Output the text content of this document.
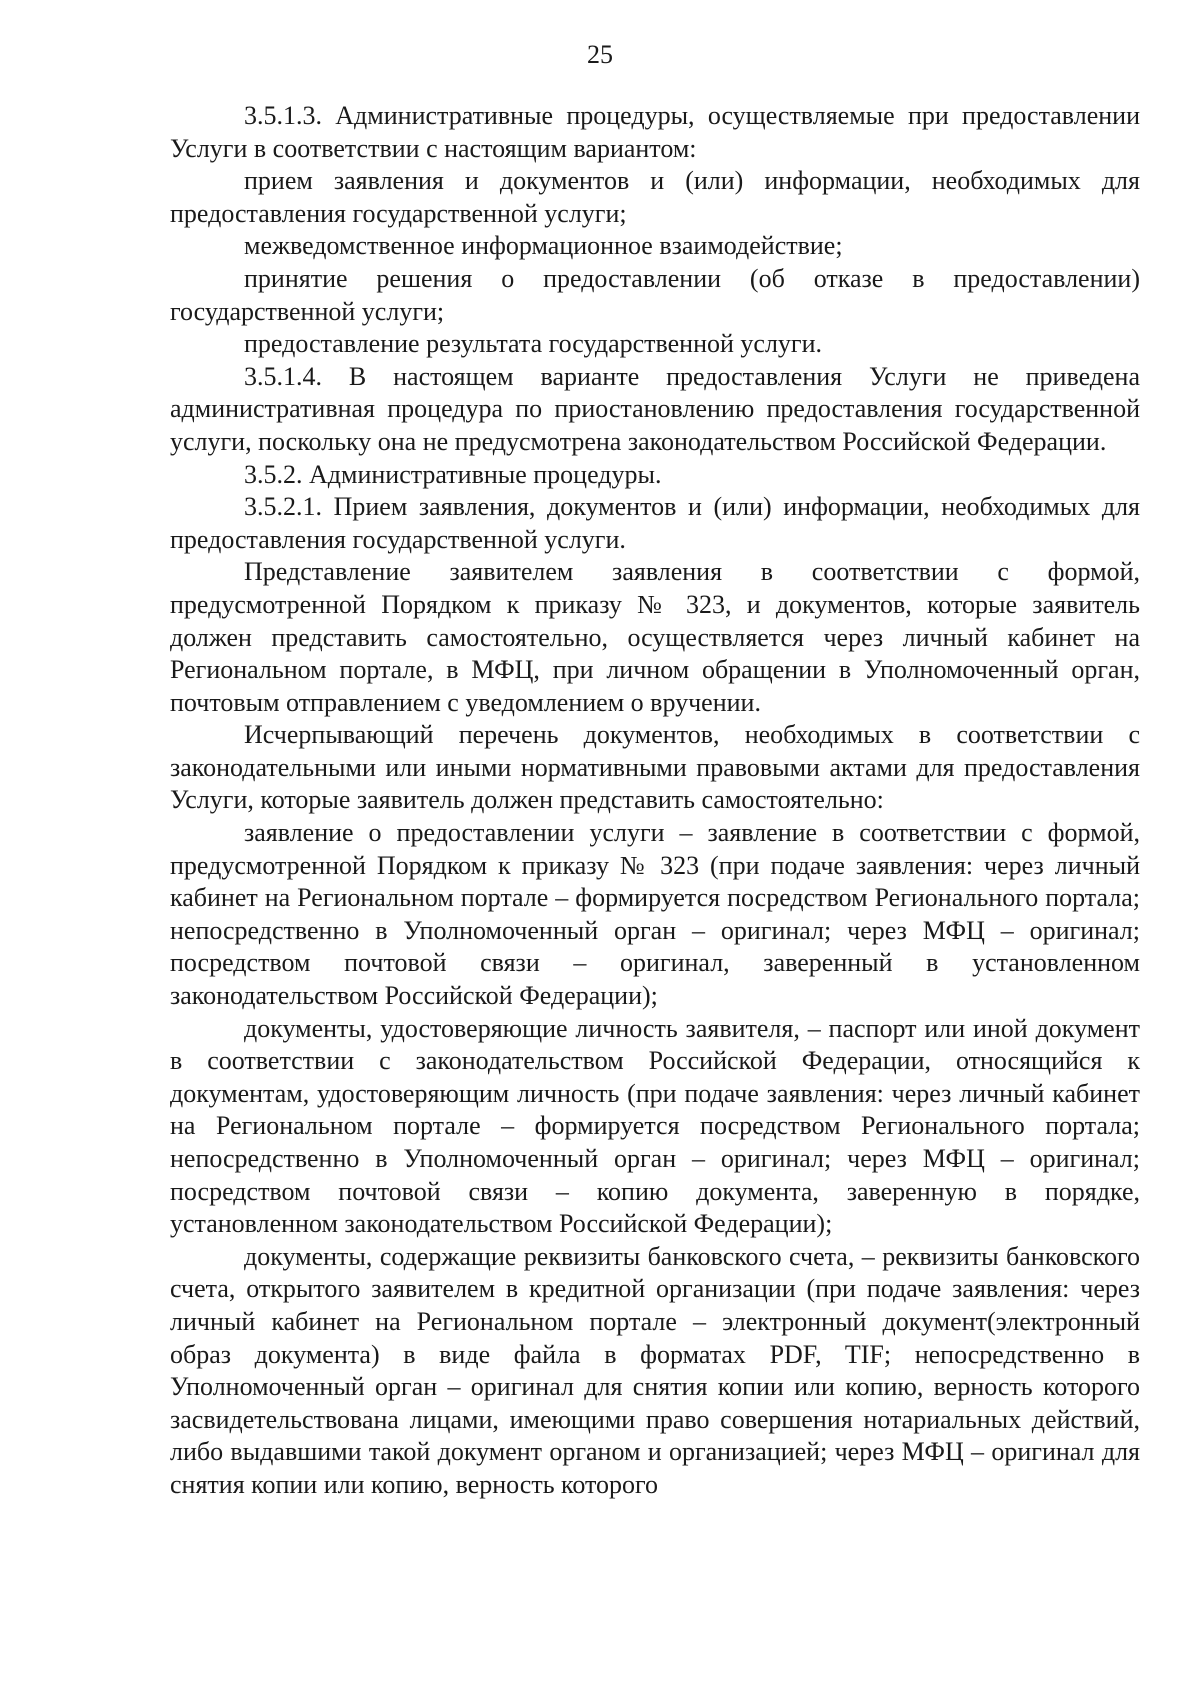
25

3.5.1.3. Административные процедуры, осуществляемые при предоставлении Услуги в соответствии с настоящим вариантом:

прием заявления и документов и (или) информации, необходимых для предоставления государственной услуги;

межведомственное информационное взаимодействие;

принятие решения о предоставлении (об отказе в предоставлении) государственной услуги;

предоставление результата государственной услуги.

3.5.1.4. В настоящем варианте предоставления Услуги не приведена административная процедура по приостановлению предоставления государственной услуги, поскольку она не предусмотрена законодательством Российской Федерации.

3.5.2. Административные процедуры.

3.5.2.1. Прием заявления, документов и (или) информации, необходимых для предоставления государственной услуги.

Представление заявителем заявления в соответствии с формой, предусмотренной Порядком к приказу № 323, и документов, которые заявитель должен представить самостоятельно, осуществляется через личный кабинет на Региональном портале, в МФЦ, при личном обращении в Уполномоченный орган, почтовым отправлением с уведомлением о вручении.

Исчерпывающий перечень документов, необходимых в соответствии с законодательными или иными нормативными правовыми актами для предоставления Услуги, которые заявитель должен представить самостоятельно:

заявление о предоставлении услуги – заявление в соответствии с формой, предусмотренной Порядком к приказу № 323 (при подаче заявления: через личный кабинет на Региональном портале – формируется посредством Регионального портала; непосредственно в Уполномоченный орган – оригинал; через МФЦ – оригинал; посредством почтовой связи – оригинал, заверенный в установленном законодательством Российской Федерации);

документы, удостоверяющие личность заявителя, – паспорт или иной документ в соответствии с законодательством Российской Федерации, относящийся к документам, удостоверяющим личность (при подаче заявления: через личный кабинет на Региональном портале – формируется посредством Регионального портала; непосредственно в Уполномоченный орган – оригинал; через МФЦ – оригинал; посредством почтовой связи – копию документа, заверенную в порядке, установленном законодательством Российской Федерации);

документы, содержащие реквизиты банковского счета, – реквизиты банковского счета, открытого заявителем в кредитной организации (при подаче заявления: через личный кабинет на Региональном портале – электронный документ(электронный образ документа) в виде файла в форматах PDF, TIF; непосредственно в Уполномоченный орган – оригинал для снятия копии или копию, верность которого засвидетельствована лицами, имеющими право совершения нотариальных действий, либо выдавшими такой документ органом и организацией; через МФЦ – оригинал для снятия копии или копию, верность которого
